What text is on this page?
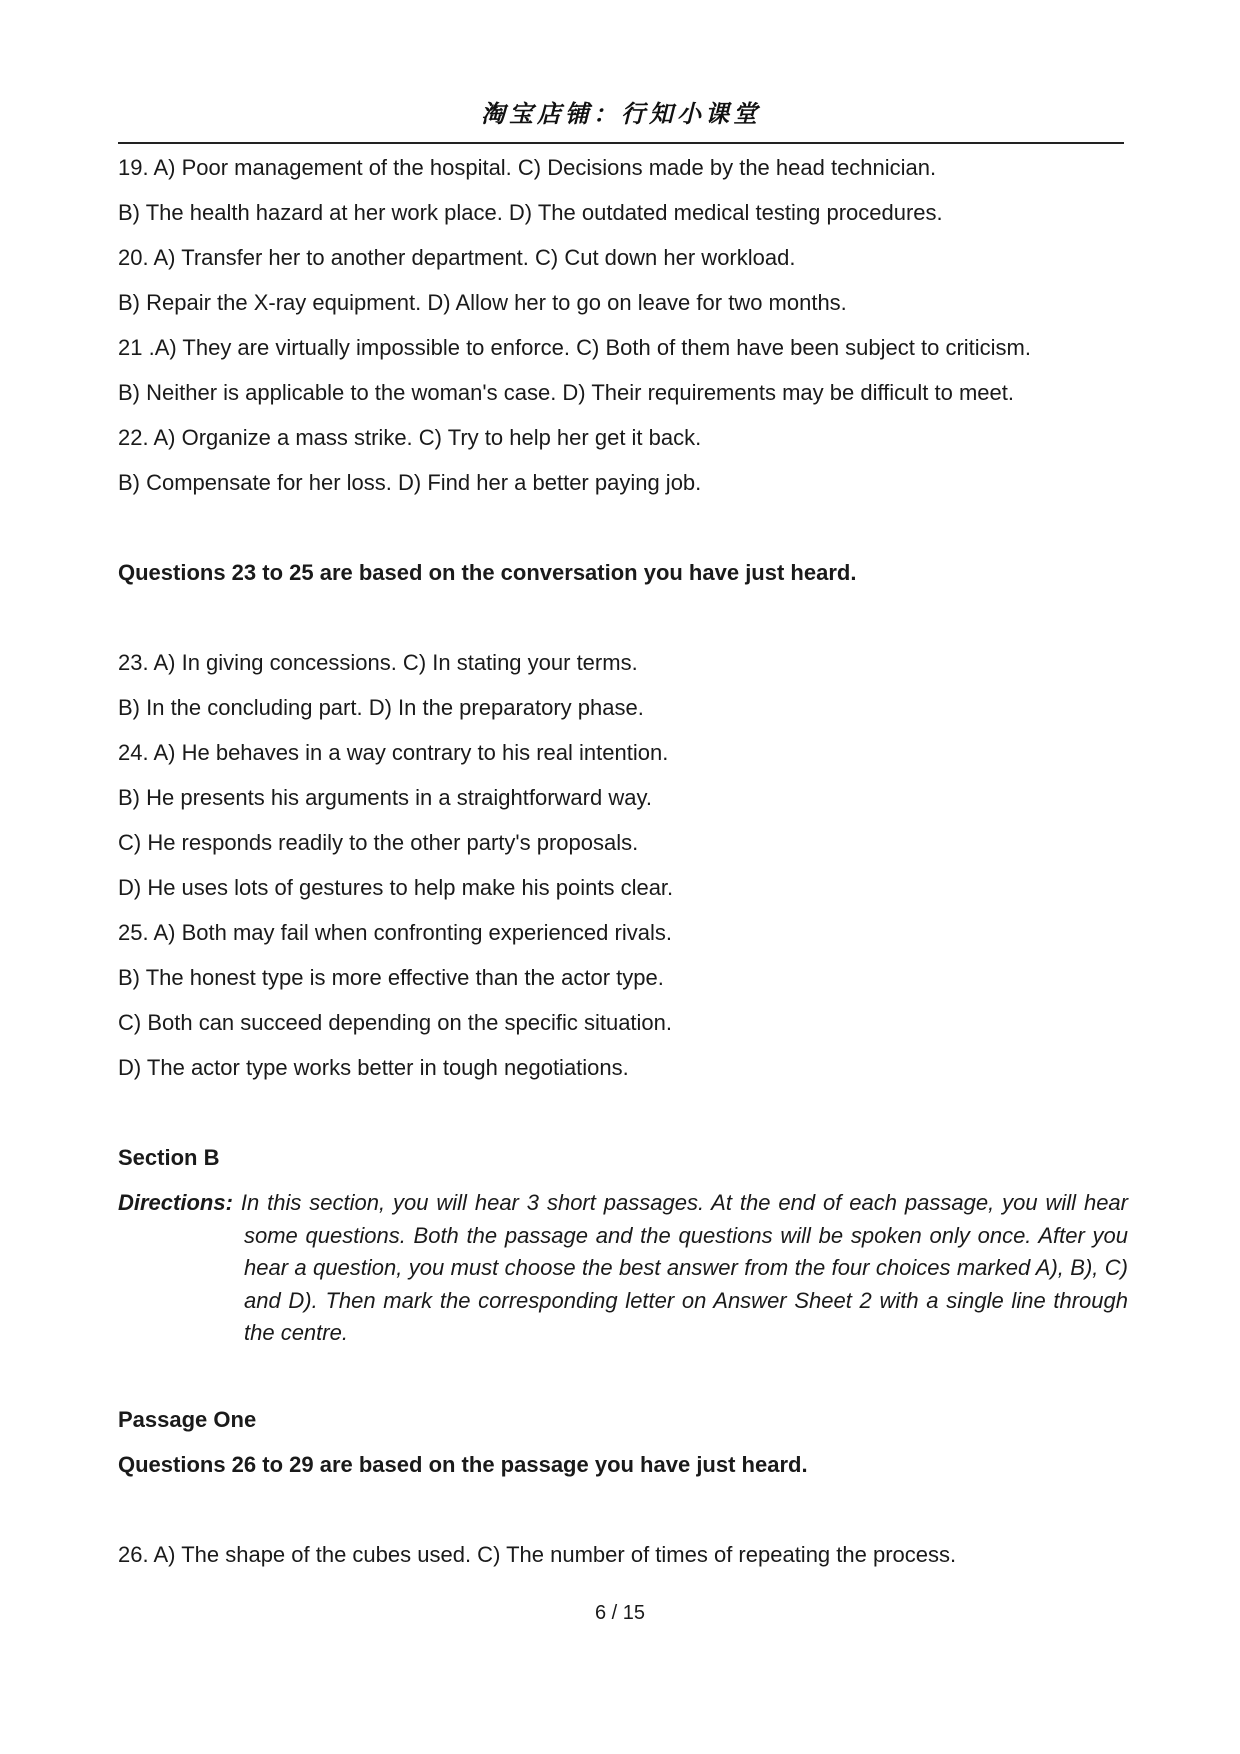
淘宝店铺：行知小课堂
19. A) Poor management of the hospital. C) Decisions made by the head technician.
B) The health hazard at her work place. D) The outdated medical testing procedures.
20. A) Transfer her to another department. C) Cut down her workload.
B) Repair the X-ray equipment. D) Allow her to go on leave for two months.
21 .A) They are virtually impossible to enforce. C) Both of them have been subject to criticism.
B) Neither is applicable to the woman's case. D) Their requirements may be difficult to meet.
22. A) Organize a mass strike. C) Try to help her get it back.
B) Compensate for her loss. D) Find her a better paying job.
Questions 23 to 25 are based on the conversation you have just heard.
23. A) In giving concessions. C) In stating your terms.
B) In the concluding part. D) In the preparatory phase.
24. A) He behaves in a way contrary to his real intention.
B) He presents his arguments in a straightforward way.
C) He responds readily to the other party's proposals.
D) He uses lots of gestures to help make his points clear.
25. A) Both may fail when confronting experienced rivals.
B) The honest type is more effective than the actor type.
C) Both can succeed depending on the specific situation.
D) The actor type works better in tough negotiations.
Section B
Directions: In this section, you will hear 3 short passages. At the end of each passage, you will hear
some questions. Both the passage and the questions will be spoken only once. After you hear a question, you must choose the best answer from the four choices marked A), B), C) and D). Then mark the corresponding letter on Answer Sheet 2 with a single line through the centre.
Passage One
Questions 26 to 29 are based on the passage you have just heard.
26. A) The shape of the cubes used. C) The number of times of repeating the process.
6 / 15
